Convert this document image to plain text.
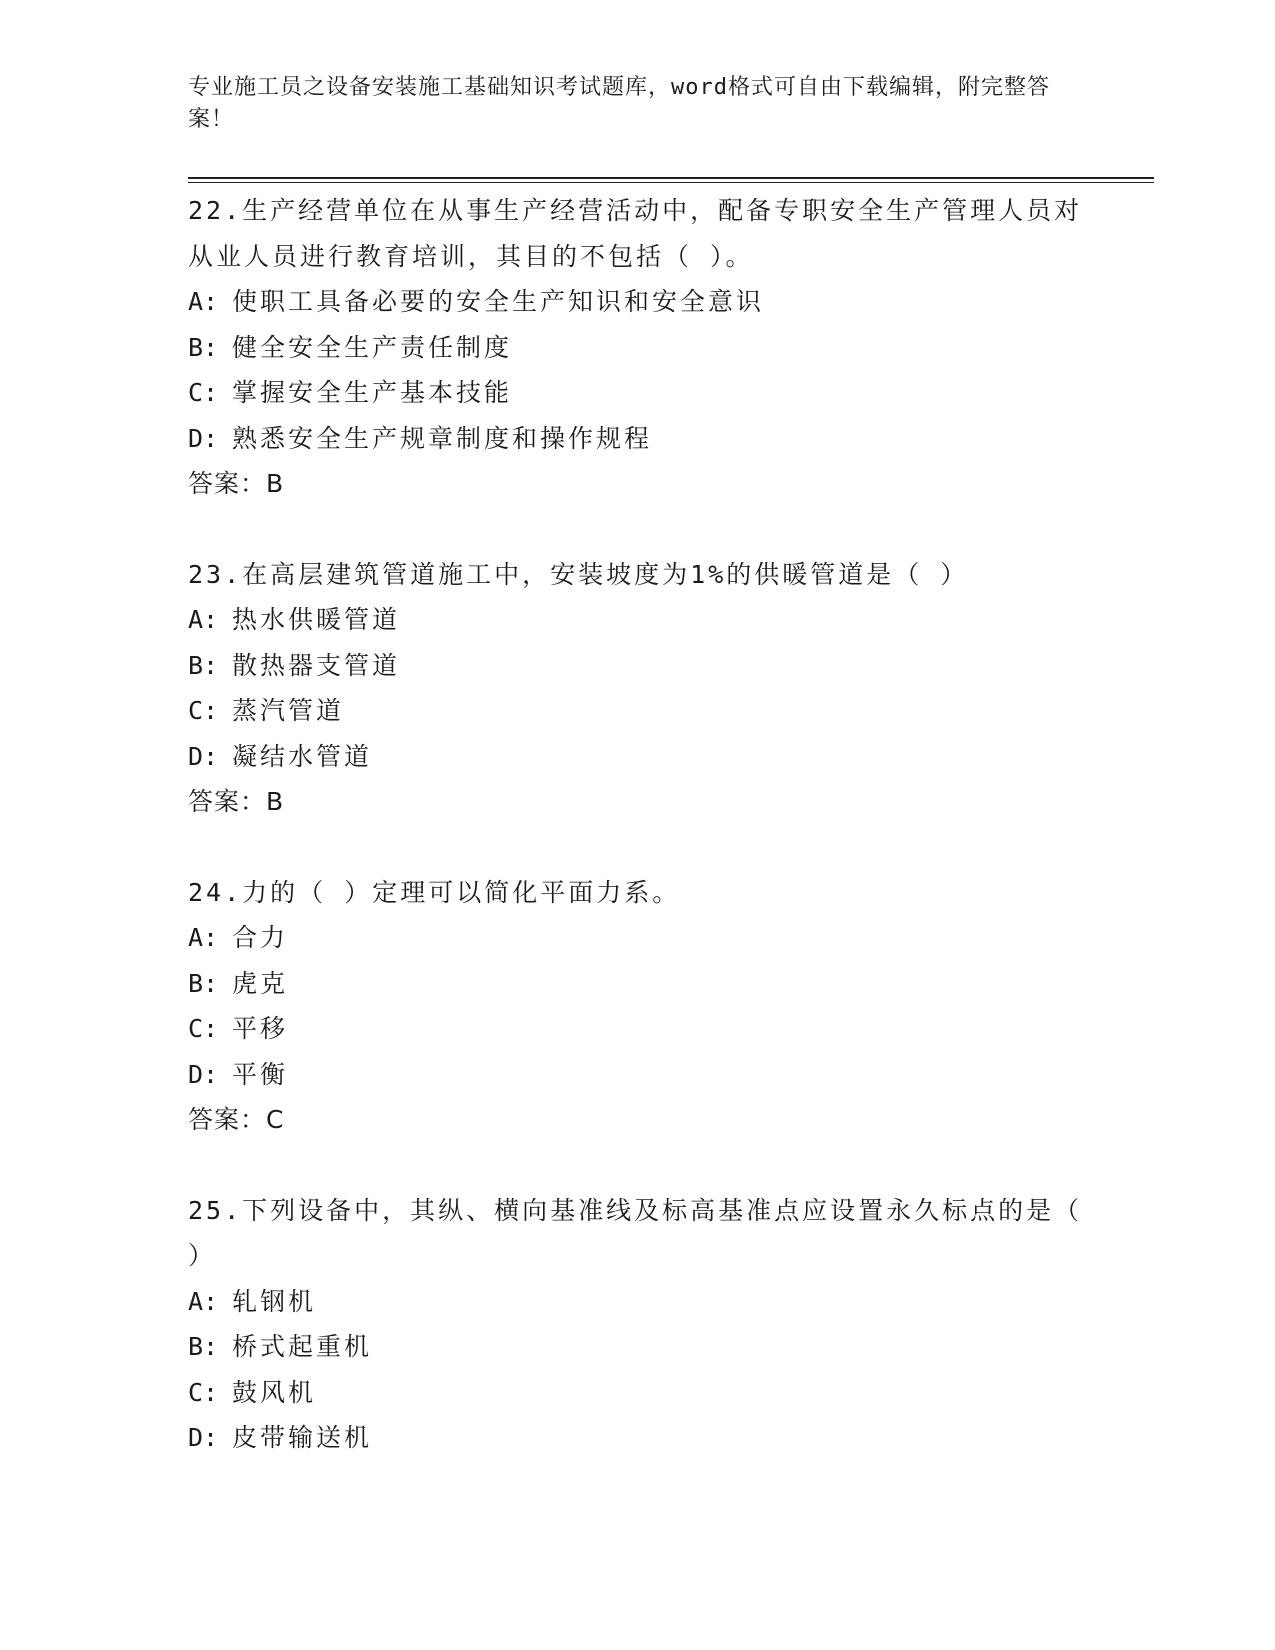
专业施工员之设备安装施工基础知识考试题库，word格式可自由下载编辑，附完整答案！

22.生产经营单位在从事生产经营活动中，配备专职安全生产管理人员对从业人员进行教育培训，其目的不包括（ ）。

A: 使职工具备必要的安全生产知识和安全意识

B: 健全安全生产责任制度

C: 掌握安全生产基本技能

D: 熟悉安全生产规章制度和操作规程

答案：B

23.在高层建筑管道施工中，安装坡度为1%的供暖管道是（ ）

A: 热水供暖管道

B: 散热器支管道

C: 蒸汽管道

D: 凝结水管道

答案：B

24.力的（ ）定理可以简化平面力系。

A: 合力

B: 虎克

C: 平移

D: 平衡

答案：C

25.下列设备中，其纵、横向基准线及标高基准点应设置永久标点的是（ ）

A: 轧钢机

B: 桥式起重机

C: 鼓风机

D: 皮带输送机
